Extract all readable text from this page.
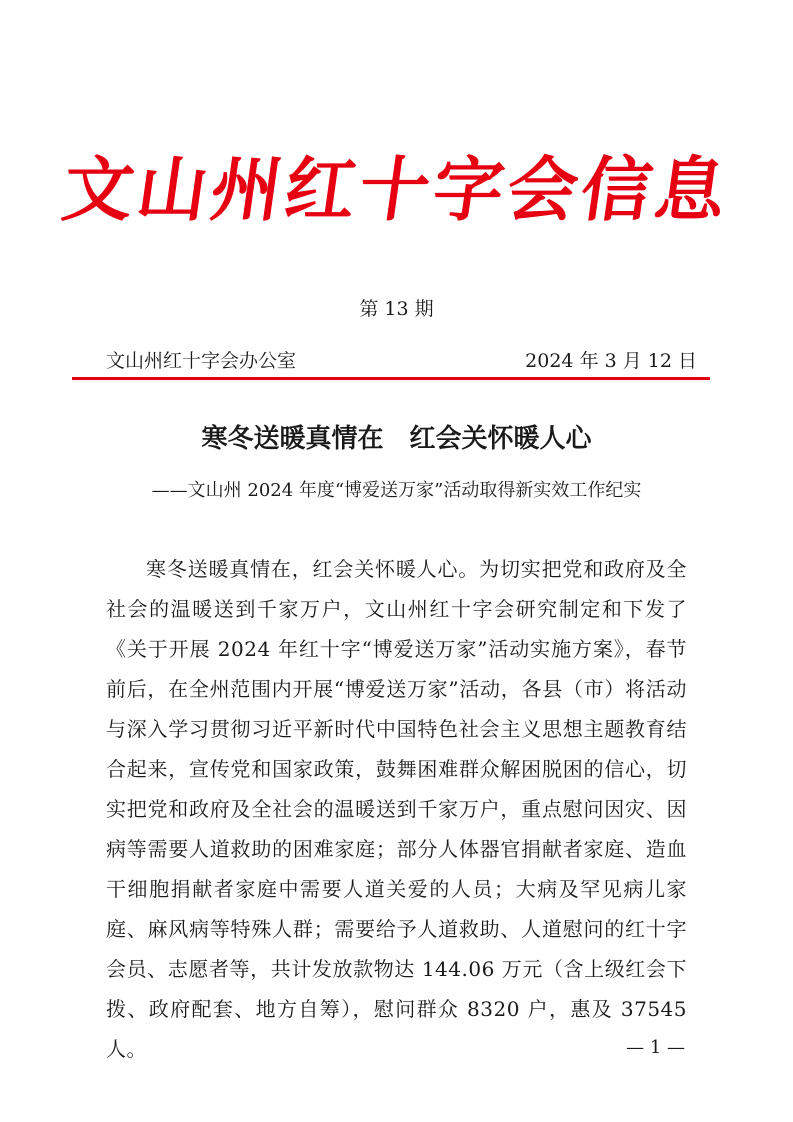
文山州红十字会信息
第 13 期
文山州红十字会办公室	2024 年 3 月 12 日
寒冬送暖真情在　红会关怀暖人心
——文山州 2024 年度“博爱送万家”活动取得新实效工作纪实
寒冬送暖真情在，红会关怀暖人心。为切实把党和政府及全社会的温暖送到千家万户，文山州红十字会研究制定和下发了《关于开展 2024 年红十字“博爱送万家”活动实施方案》，春节前后，在全州范围内开展“博爱送万家”活动，各县（市）将活动与深入学习贯彻习近平新时代中国特色社会主义思想主题教育结合起来，宣传党和国家政策，鼓舞困难群众解困脱困的信心，切实把党和政府及全社会的温暖送到千家万户，重点慰问因灾、因病等需要人道救助的困难家庭；部分人体器官捐献者家庭、造血干细胞捐献者家庭中需要人道关爱的人员；大病及罕见病儿家庭、麻风病等特殊人群；需要给予人道救助、人道慰问的红十字会员、志愿者等，共计发放款物达 144.06 万元（含上级红会下拨、政府配套、地方自筹），慰问群众 8320 户，惠及 37545 人。	— 1 —
